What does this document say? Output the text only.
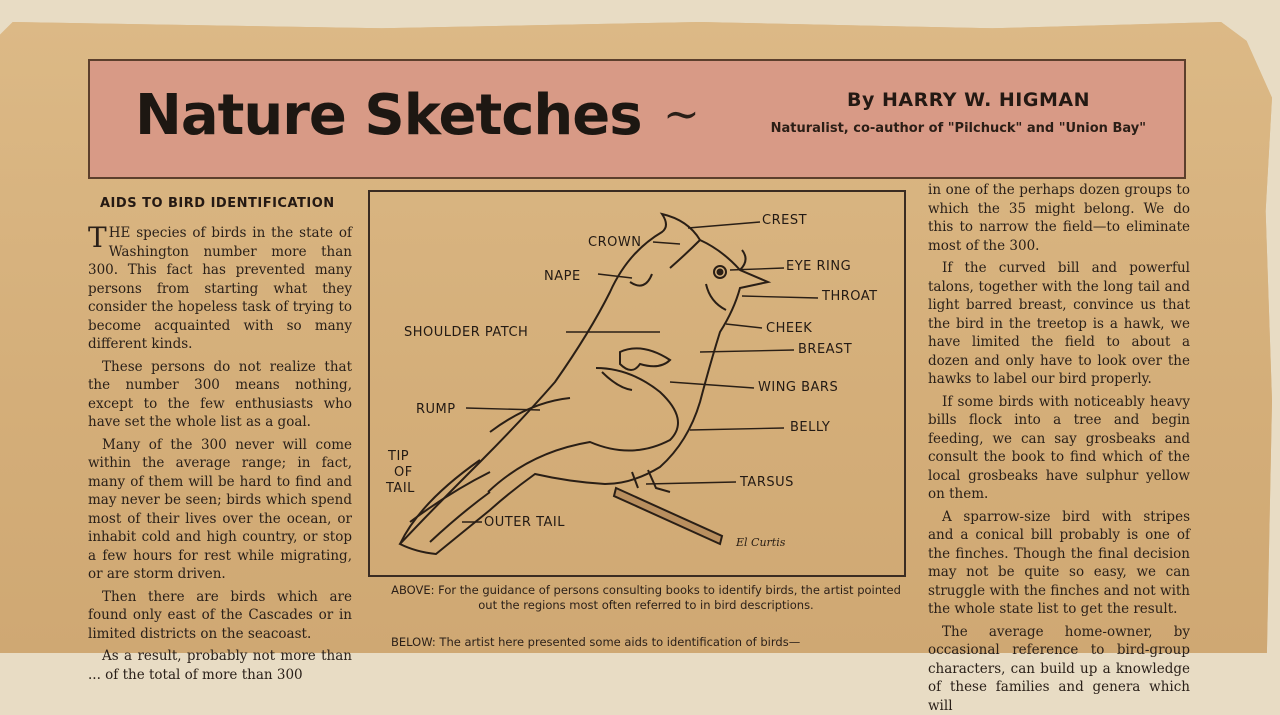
Nature Sketches ~	By HARRY W. HIGMAN
Naturalist, co-author of "Pilchuck" and "Union Bay"
AIDS TO BIRD IDENTIFICATION

THE species of birds in the state of Washington number more than 300. This fact has prevented many persons from starting what they consider the hopeless task of trying to become acquainted with so many different kinds.

These persons do not realize that the number 300 means nothing, except to the few enthusiasts who have set the whole list as a goal.

Many of the 300 never will come within the average range; in fact, many of them will be hard to find and may never be seen; birds which spend most of their lives over the ocean, or inhabit cold and high country, or stop a few hours for rest while migrating, or are storm driven.

Then there are birds which are found only east of the Cascades or in limited districts on the seacoast.

As a result, probably not more than ... of the total of more than 300

CREST
CROWN
NAPE
EYE RING
THROAT
SHOULDER PATCH	CHEEK
BREAST
WING BARS
RUMP
BELLY
TIP
OF
TAIL	TARSUS
OUTER TAIL
El Curtis
ABOVE: For the guidance of persons consulting books to identify birds, the artist pointed out the regions most often referred to in bird descriptions.
BELOW: The artist here presented some aids to identification of birds—

in one of the perhaps dozen groups to which the 35 might belong. We do this to narrow the field—to eliminate most of the 300.

If the curved bill and powerful talons, together with the long tail and light barred breast, convince us that the bird in the treetop is a hawk, we have limited the field to about a dozen and only have to look over the hawks to label our bird properly.

If some birds with noticeably heavy bills flock into a tree and begin feeding, we can say grosbeaks and consult the book to find which of the local grosbeaks have sulphur yellow on them.

A sparrow-size bird with stripes and a conical bill probably is one of the finches. Though the final decision may not be quite so easy, we can struggle with the finches and not with the whole state list to get the result.

The average home-owner, by occasional reference to bird-group characters, can build up a knowledge of these families and genera which will
